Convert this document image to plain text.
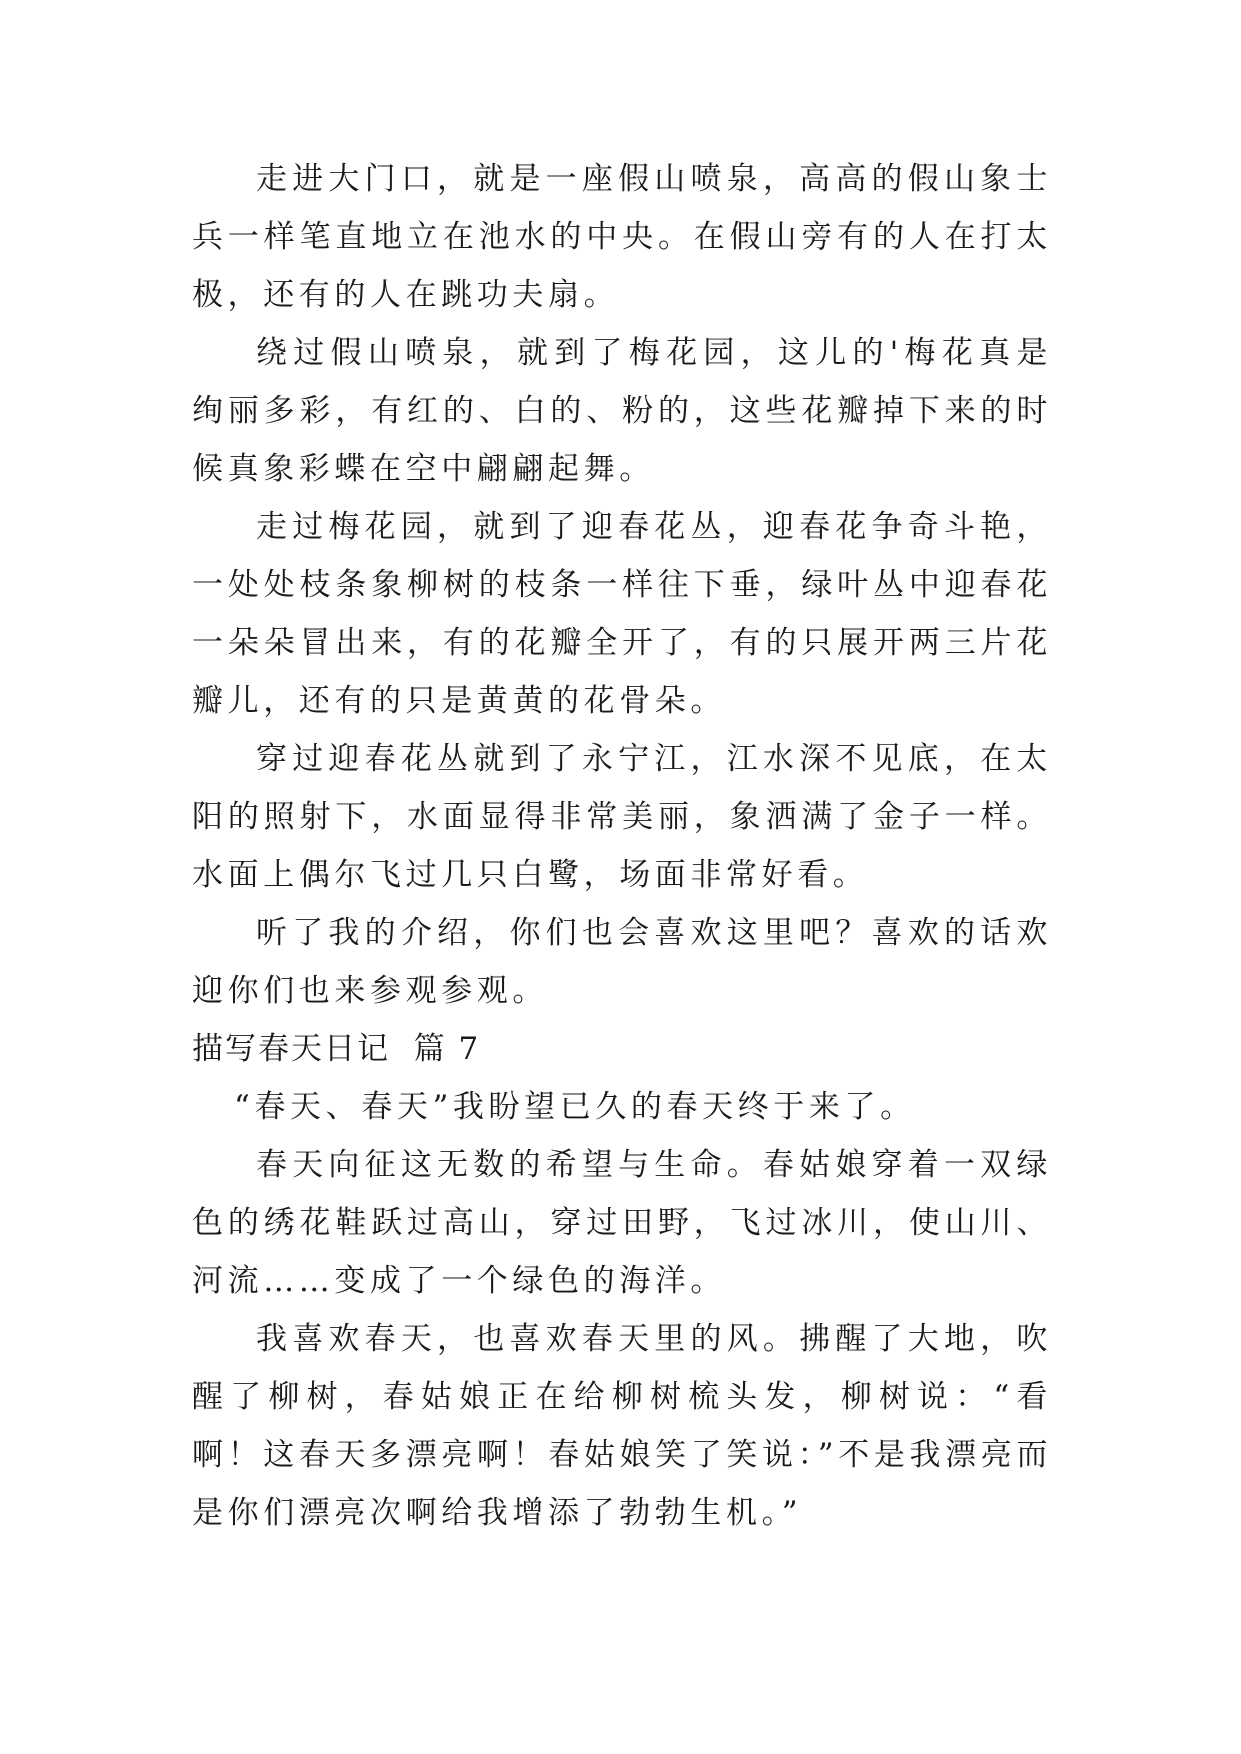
走进大门口，就是一座假山喷泉，高高的假山象士兵一样笔直地立在池水的中央。在假山旁有的人在打太极，还有的人在跳功夫扇。

绕过假山喷泉，就到了梅花园，这儿的'梅花真是绚丽多彩，有红的、白的、粉的，这些花瓣掉下来的时候真象彩蝶在空中翩翩起舞。

走过梅花园，就到了迎春花丛，迎春花争奇斗艳，一处处枝条象柳树的枝条一样往下垂，绿叶丛中迎春花一朵朵冒出来，有的花瓣全开了，有的只展开两三片花瓣儿，还有的只是黄黄的花骨朵。

穿过迎春花丛就到了永宁江，江水深不见底，在太阳的照射下，水面显得非常美丽，象洒满了金子一样。水面上偶尔飞过几只白鹭，场面非常好看。

听了我的介绍，你们也会喜欢这里吧？喜欢的话欢迎你们也来参观参观。

描写春天日记  篇 7

“春天、春天”我盼望已久的春天终于来了。

春天向征这无数的希望与生命。春姑娘穿着一双绿色的绣花鞋跃过高山，穿过田野，飞过冰川，使山川、河流……变成了一个绿色的海洋。

我喜欢春天，也喜欢春天里的风。拂醒了大地，吹醒了柳树，春姑娘正在给柳树梳头发，柳树说：“看啊！这春天多漂亮啊！春姑娘笑了笑说：”不是我漂亮而是你们漂亮次啊给我增添了勃勃生机。”
